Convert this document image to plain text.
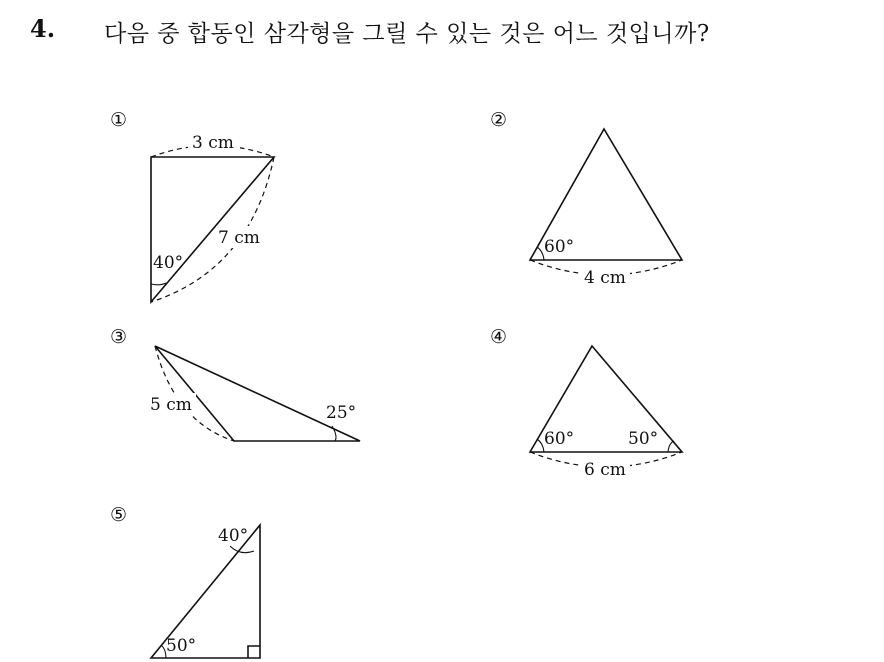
4. 다음 중 합동인 삼각형을 그릴 수 있는 것은 어느 것입니까?
①
3 cm
7 cm
40°
②
60°
4 cm
③
5 cm	25°
④
60°	50°
6 cm
⑤
40°
50°
